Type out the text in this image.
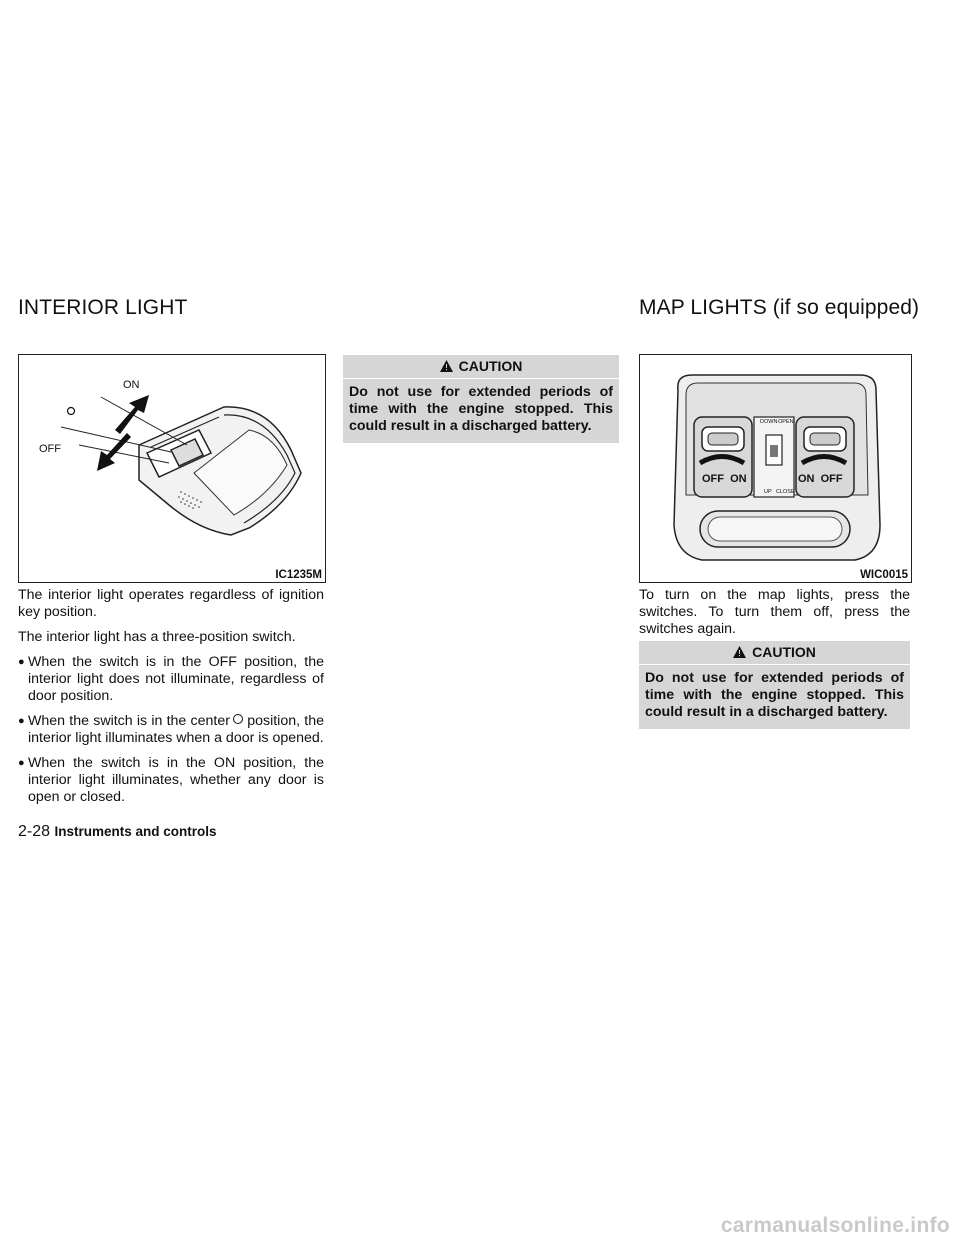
INTERIOR LIGHT	MAP LIGHTS (if so equipped)
ON
OFF
IC1235M

The interior light operates regardless of ignition key position.

The interior light has a three-position switch.

● When the switch is in the OFF position, the interior light does not illuminate, regardless of door position.
● When the switch is in the center position, the interior light illuminates when a door is opened.
● When the switch is in the ON position, the interior light illuminates, whether any door is open or closed.
CAUTION
Do not use for extended periods of time with the engine stopped. This could result in a discharged battery.	DOWN OPEN
UP CLOSE
OFF  ON	ON  OFF
WIC0015

To turn on the map lights, press the switches. To turn them off, press the switches again.

CAUTION
Do not use for extended periods of time with the engine stopped. This could result in a discharged battery.
2-28 Instruments and controls
carmanualsonline.info
